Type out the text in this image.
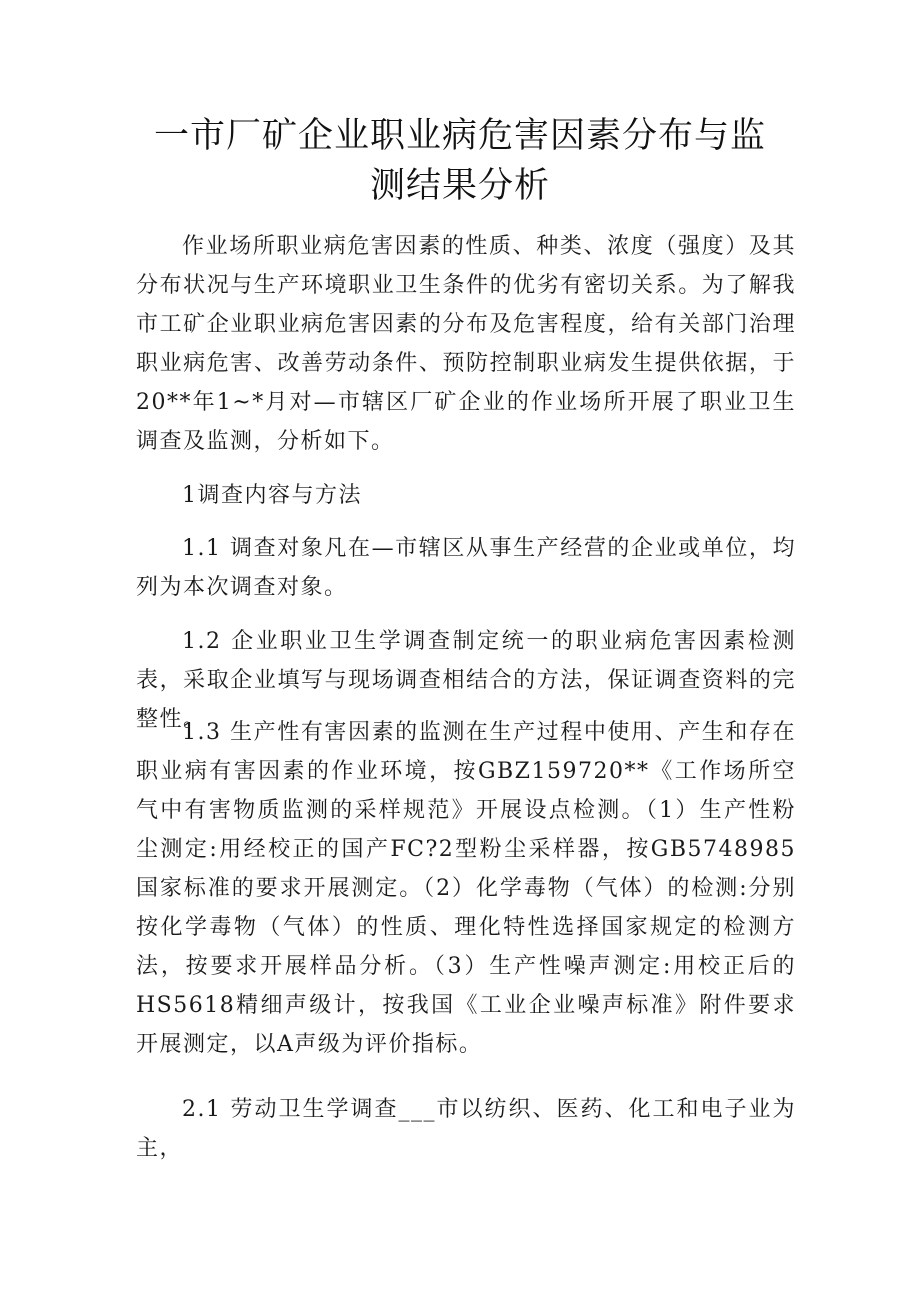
一市厂矿企业职业病危害因素分布与监
测结果分析

作业场所职业病危害因素的性质、种类、浓度（强度）及其分布状况与生产环境职业卫生条件的优劣有密切关系。为了解我市工矿企业职业病危害因素的分布及危害程度，给有关部门治理职业病危害、改善劳动条件、预防控制职业病发生提供依据，于20**年1~*月对—市辖区厂矿企业的作业场所开展了职业卫生调查及监测，分析如下。

1调查内容与方法

1.1 调查对象凡在—市辖区从事生产经营的企业或单位，均列为本次调查对象。

1.2 企业职业卫生学调查制定统一的职业病危害因素检测表，采取企业填写与现场调查相结合的方法，保证调查资料的完整性。

1.3 生产性有害因素的监测在生产过程中使用、产生和存在职业病有害因素的作业环境，按GBZ159720**《工作场所空气中有害物质监测的采样规范》开展设点检测。（1）生产性粉尘测定:用经校正的国产FC?2型粉尘采样器，按GB5748985国家标准的要求开展测定。（2）化学毒物（气体）的检测:分别按化学毒物（气体）的性质、理化特性选择国家规定的检测方法，按要求开展样品分析。（3）生产性噪声测定:用校正后的HS5618精细声级计，按我国《工业企业噪声标准》附件要求开展测定，以A声级为评价指标。

2.1 劳动卫生学调查___市以纺织、医药、化工和电子业为主，
